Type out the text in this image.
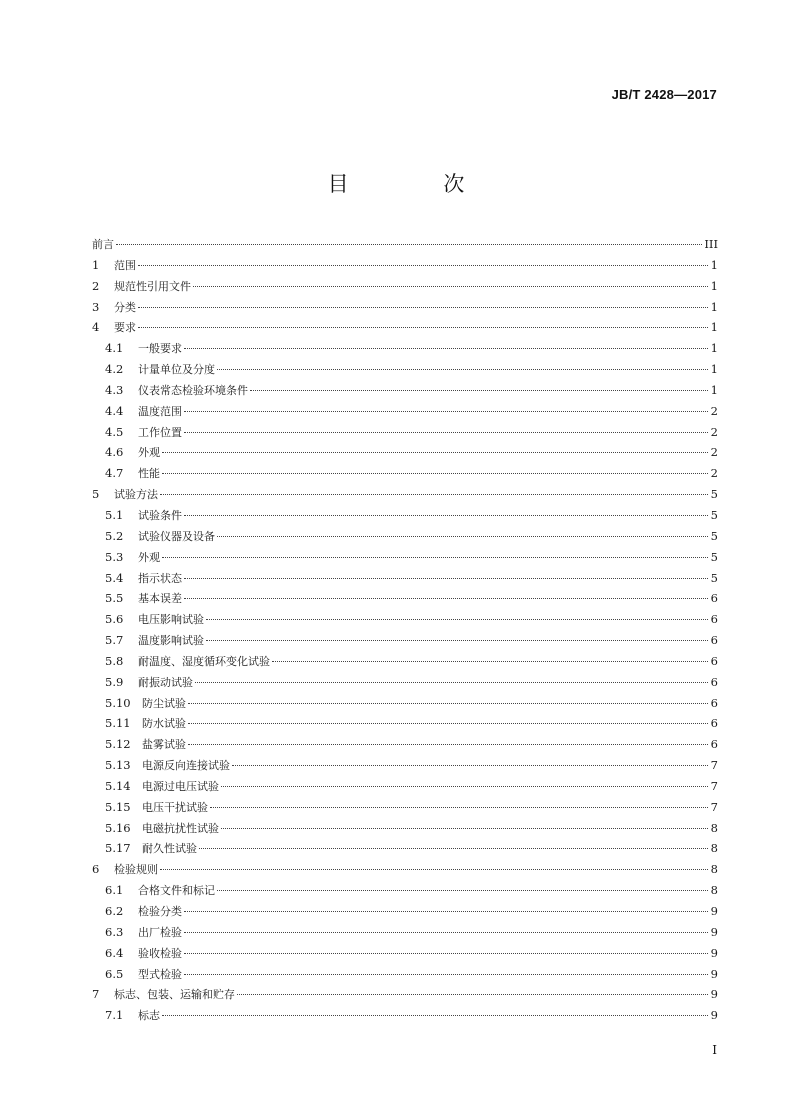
JB/T 2428—2017
目 次
前言	III
1	范围	1
2	规范性引用文件	1
3	分类	1
4	要求	1
4.1	一般要求	1
4.2	计量单位及分度	1
4.3	仪表常态检验环境条件	1
4.4	温度范围	2
4.5	工作位置	2
4.6	外观	2
4.7	性能	2
5	试验方法	5
5.1	试验条件	5
5.2	试验仪器及设备	5
5.3	外观	5
5.4	指示状态	5
5.5	基本误差	6
5.6	电压影响试验	6
5.7	温度影响试验	6
5.8	耐温度、湿度循环变化试验	6
5.9	耐振动试验	6
5.10	防尘试验	6
5.11	防水试验	6
5.12	盐雾试验	6
5.13	电源反向连接试验	7
5.14	电源过电压试验	7
5.15	电压干扰试验	7
5.16	电磁抗扰性试验	8
5.17	耐久性试验	8
6	检验规则	8
6.1	合格文件和标记	8
6.2	检验分类	9
6.3	出厂检验	9
6.4	验收检验	9
6.5	型式检验	9
7	标志、包装、运输和贮存	9
7.1	标志	9
I
